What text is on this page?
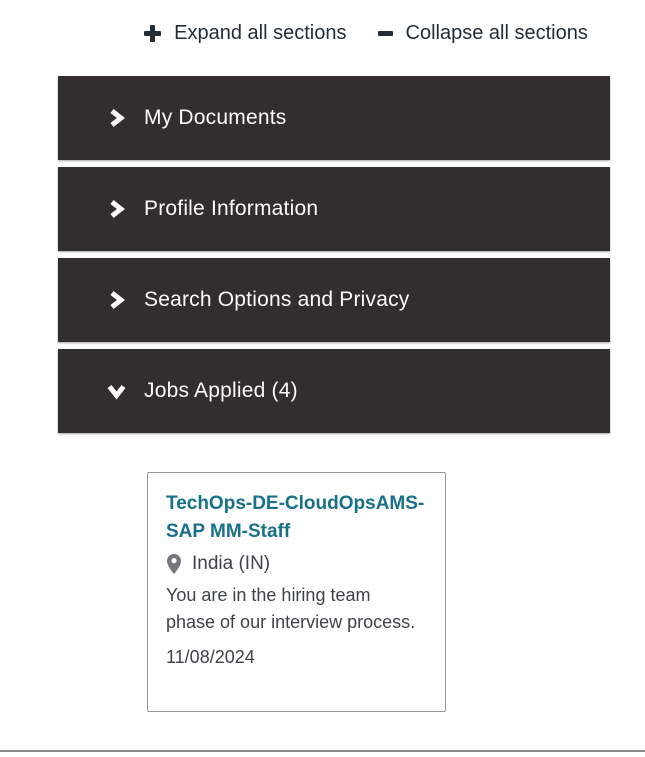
Expand all sections	Collapse all sections
My Documents
Profile Information
Search Options and Privacy
Jobs Applied (4)
TechOps-DE-CloudOpsAMS-SAP MM-Staff
India (IN)

You are in the hiring team phase of our interview process.

11/08/2024
